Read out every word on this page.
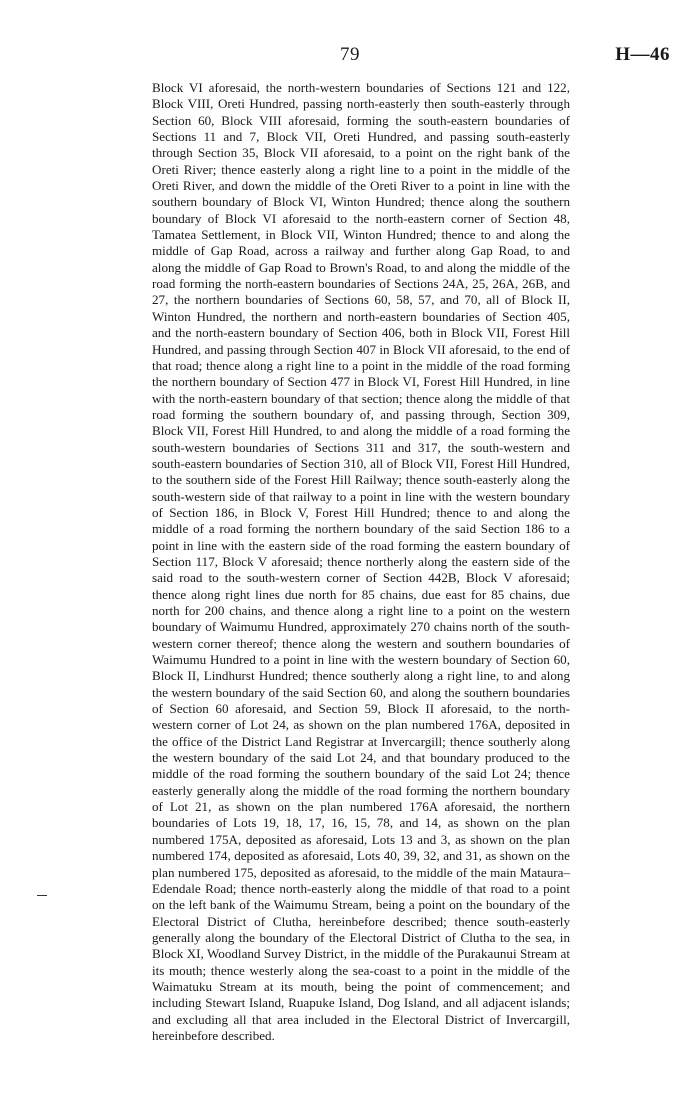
79	H—46

Block VI aforesaid, the north-western boundaries of Sections 121 and 122, Block VIII, Oreti Hundred, passing north-easterly then south-easterly through Section 60, Block VIII aforesaid, forming the south-eastern boundaries of Sections 11 and 7, Block VII, Oreti Hundred, and passing south-easterly through Section 35, Block VII aforesaid, to a point on the right bank of the Oreti River; thence easterly along a right line to a point in the middle of the Oreti River, and down the middle of the Oreti River to a point in line with the southern boundary of Block VI, Winton Hundred; thence along the southern boundary of Block VI aforesaid to the north-eastern corner of Section 48, Tamatea Settlement, in Block VII, Winton Hundred; thence to and along the middle of Gap Road, across a railway and further along Gap Road, to and along the middle of Gap Road to Brown's Road, to and along the middle of the road forming the north-eastern boundaries of Sections 24A, 25, 26A, 26B, and 27, the northern boundaries of Sections 60, 58, 57, and 70, all of Block II, Winton Hundred, the northern and north-eastern boundaries of Section 405, and the north-eastern boundary of Section 406, both in Block VII, Forest Hill Hundred, and passing through Section 407 in Block VII aforesaid, to the end of that road; thence along a right line to a point in the middle of the road forming the northern boundary of Section 477 in Block VI, Forest Hill Hundred, in line with the north-eastern boundary of that section; thence along the middle of that road forming the southern boundary of, and passing through, Section 309, Block VII, Forest Hill Hundred, to and along the middle of a road forming the south-western boundaries of Sections 311 and 317, the south-western and south-eastern boundaries of Section 310, all of Block VII, Forest Hill Hundred, to the southern side of the Forest Hill Railway; thence south-easterly along the south-western side of that railway to a point in line with the western boundary of Section 186, in Block V, Forest Hill Hundred; thence to and along the middle of a road forming the northern boundary of the said Section 186 to a point in line with the eastern side of the road forming the eastern boundary of Section 117, Block V aforesaid; thence northerly along the eastern side of the said road to the south-western corner of Section 442B, Block V aforesaid; thence along right lines due north for 85 chains, due east for 85 chains, due north for 200 chains, and thence along a right line to a point on the western boundary of Waimumu Hundred, approximately 270 chains north of the south-western corner thereof; thence along the western and southern boundaries of Waimumu Hundred to a point in line with the western boundary of Section 60, Block II, Lindhurst Hundred; thence southerly along a right line, to and along the western boundary of the said Section 60, and along the southern boundaries of Section 60 aforesaid, and Section 59, Block II aforesaid, to the north-western corner of Lot 24, as shown on the plan numbered 176A, deposited in the office of the District Land Registrar at Invercargill; thence southerly along the western boundary of the said Lot 24, and that boundary produced to the middle of the road forming the southern boundary of the said Lot 24; thence easterly generally along the middle of the road forming the northern boundary of Lot 21, as shown on the plan numbered 176A aforesaid, the northern boundaries of Lots 19, 18, 17, 16, 15, 78, and 14, as shown on the plan numbered 175A, deposited as aforesaid, Lots 13 and 3, as shown on the plan numbered 174, deposited as aforesaid, Lots 40, 39, 32, and 31, as shown on the plan numbered 175, deposited as aforesaid, to the middle of the main Mataura–Edendale Road; thence north-easterly along the middle of that road to a point on the left bank of the Waimumu Stream, being a point on the boundary of the Electoral District of Clutha, hereinbefore described; thence south-easterly generally along the boundary of the Electoral District of Clutha to the sea, in Block XI, Woodland Survey District, in the middle of the Purakaunui Stream at its mouth; thence westerly along the sea-coast to a point in the middle of the Waimatuku Stream at its mouth, being the point of commencement; and including Stewart Island, Ruapuke Island, Dog Island, and all adjacent islands; and excluding all that area included in the Electoral District of Invercargill, hereinbefore described.
